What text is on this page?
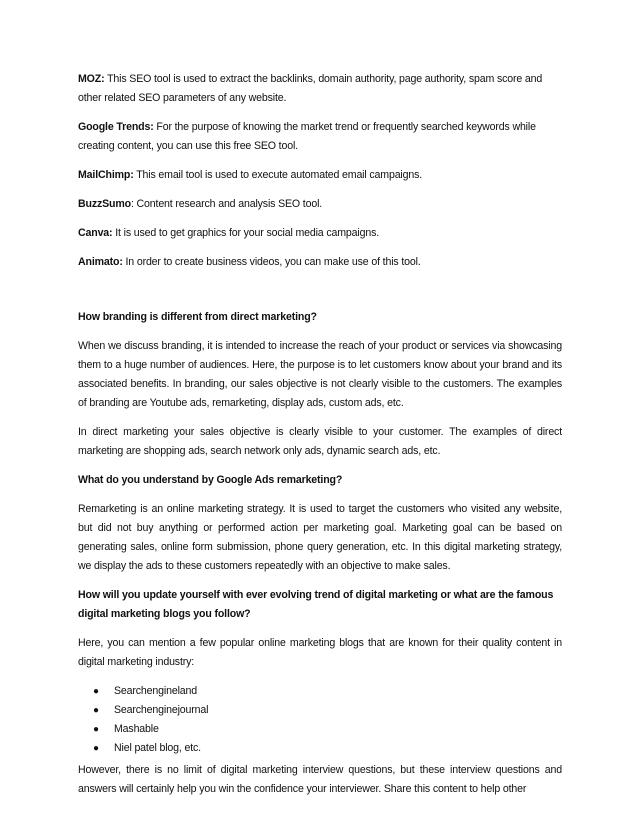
MOZ: This SEO tool is used to extract the backlinks, domain authority, page authority, spam score and other related SEO parameters of any website.

Google Trends: For the purpose of knowing the market trend or frequently searched keywords while creating content, you can use this free SEO tool.

MailChimp: This email tool is used to execute automated email campaigns.

BuzzSumo: Content research and analysis SEO tool.

Canva: It is used to get graphics for your social media campaigns.

Animato: In order to create business videos, you can make use of this tool.

How branding is different from direct marketing?

When we discuss branding, it is intended to increase the reach of your product or services via showcasing them to a huge number of audiences. Here, the purpose is to let customers know about your brand and its associated benefits. In branding, our sales objective is not clearly visible to the customers. The examples of branding are Youtube ads, remarketing, display ads, custom ads, etc.

In direct marketing your sales objective is clearly visible to your customer. The examples of direct marketing are shopping ads, search network only ads, dynamic search ads, etc.

What do you understand by Google Ads remarketing?

Remarketing is an online marketing strategy. It is used to target the customers who visited any website, but did not buy anything or performed action per marketing goal. Marketing goal can be based on generating sales, online form submission, phone query generation, etc. In this digital marketing strategy, we display the ads to these customers repeatedly with an objective to make sales.

How will you update yourself with ever evolving trend of digital marketing or what are the famous digital marketing blogs you follow?

Here, you can mention a few popular online marketing blogs that are known for their quality content in digital marketing industry:

● Searchengineland
● Searchenginejournal
● Mashable
● Niel patel blog, etc.

However, there is no limit of digital marketing interview questions, but these interview questions and answers will certainly help you win the confidence your interviewer. Share this content to help other
